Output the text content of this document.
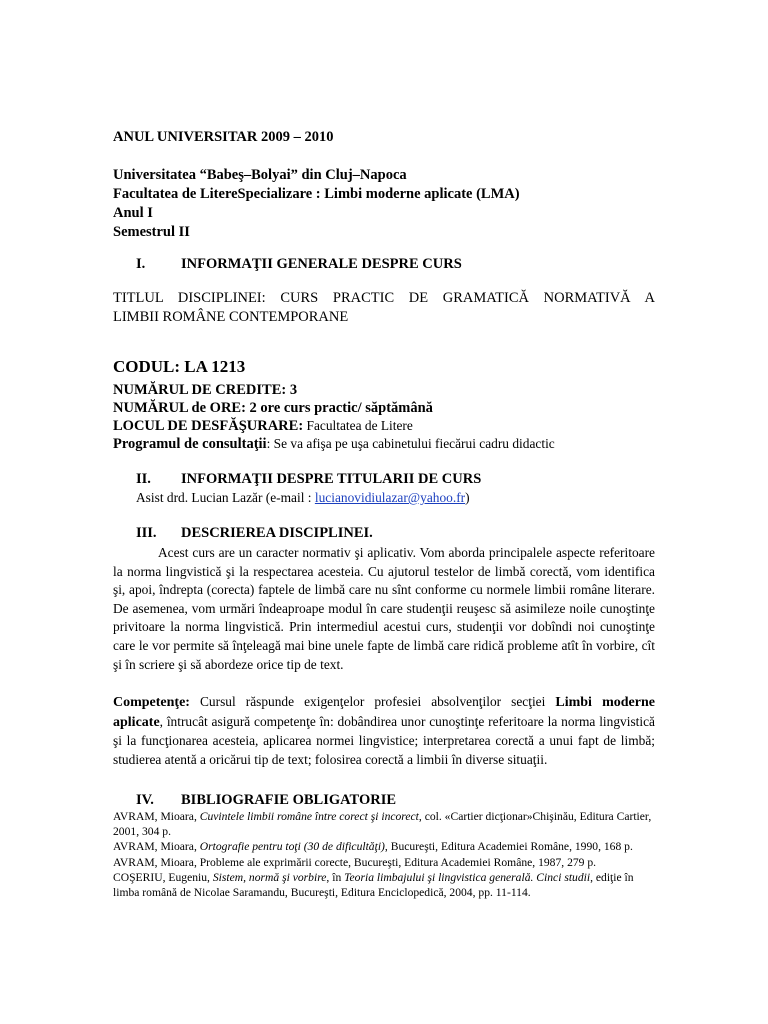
ANUL UNIVERSITAR 2009 – 2010
Universitatea “Babeş–Bolyai” din Cluj–Napoca
Facultatea de LitereSpecializare : Limbi moderne aplicate (LMA)
Anul I
Semestrul II
I. INFORMAŢII GENERALE DESPRE CURS
TITLUL DISCIPLINEI: CURS PRACTIC DE GRAMATICĂ NORMATIVĂ A
LIMBII ROMÂNE CONTEMPORANE
CODUL: LA 1213
NUMĂRUL DE CREDITE: 3
NUMĂRUL de ORE: 2 ore curs practic/ săptămână
LOCUL DE DESFĂŞURARE: Facultatea de Litere
Programul de consultaţii: Se va afişa pe uşa cabinetului fiecărui cadru didactic
II. INFORMAŢII DESPRE TITULARII DE CURS
Asist drd. Lucian Lazăr (e-mail : lucianovidiulazar@yahoo.fr)
III. DESCRIEREA DISCIPLINEI.
Acest curs are un caracter normativ şi aplicativ. Vom aborda principalele aspecte referitoare la norma lingvistică şi la respectarea acesteia. Cu ajutorul testelor de limbă corectă, vom identifica şi, apoi, îndrepta (corecta) faptele de limbă care nu sînt conforme cu normele limbii române literare. De asemenea, vom urmări îndeaproape modul în care studenţii reuşesc să asimileze noile cunoştinţe privitoare la norma lingvistică. Prin intermediul acestui curs, studenţii vor dobîndi noi cunoştinţe care le vor permite să înţeleagă mai bine unele fapte de limbă care ridică probleme atît în vorbire, cît şi în scriere şi să abordeze orice tip de text.
Competenţe: Cursul răspunde exigenţelor profesiei absolvenţilor secţiei Limbi moderne aplicate, întrucât asigură competenţe în: dobândirea unor cunoştinţe referitoare la norma lingvistică şi la funcţionarea acesteia, aplicarea normei lingvistice; interpretarea corectă a unui fapt de limbă; studierea atentă a oricărui tip de text; folosirea corectă a limbii în diverse situaţii.
IV. BIBLIOGRAFIE OBLIGATORIE
AVRAM, Mioara, Cuvintele limbii române între corect şi incorect, col. «Cartier dicţionar»Chişinău, Editura Cartier, 2001, 304 p.
AVRAM, Mioara, Ortografie pentru toţi (30 de dificultăţi), Bucureşti, Editura Academiei Române, 1990, 168 p.
AVRAM, Mioara, Probleme ale exprimării corecte, Bucureşti, Editura Academiei Române, 1987, 279 p.
COŞERIU, Eugeniu, Sistem, normă şi vorbire, în Teoria limbajului şi lingvistica generală. Cinci studii, ediţie în limba română de Nicolae Saramandu, Bucureşti, Editura Enciclopedică, 2004, pp. 11-114.
